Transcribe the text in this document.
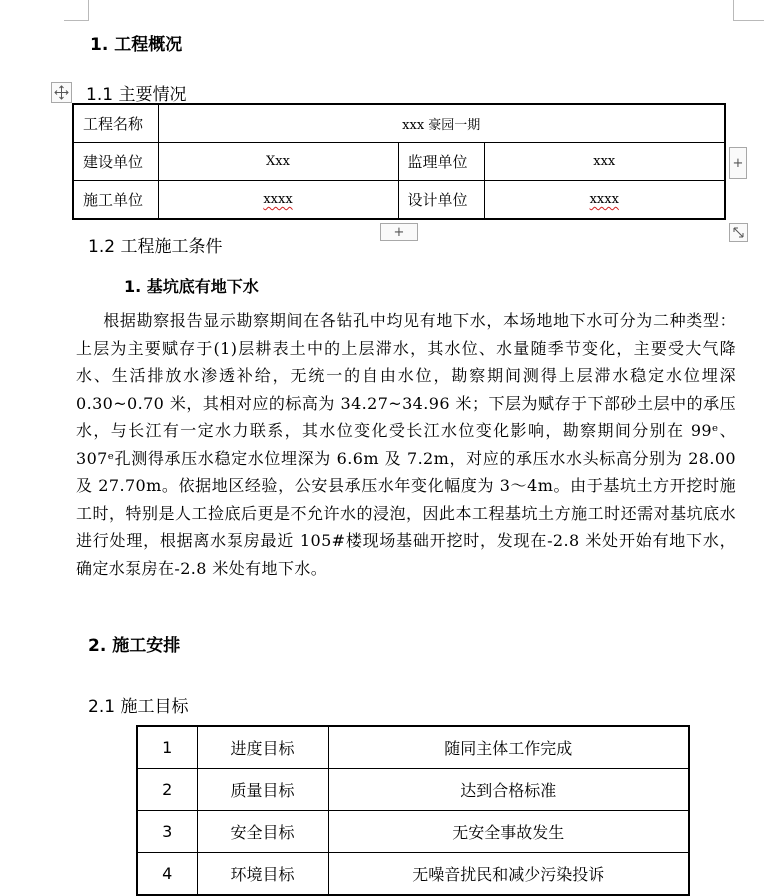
1. 工程概况
1.1 主要情况
工程名称	xxx 豪园一期		
建设单位	Xxx	监理单位	xxx
施工单位	xxxx	设计单位	xxxx
+
+
1.2 工程施工条件
1. 基坑底有地下水

根据勘察报告显示勘察期间在各钻孔中均见有地下水，本场地地下水可分为二种类型：上层为主要赋存于(1)层耕表土中的上层滞水，其水位、水量随季节变化，主要受大气降水、生活排放水渗透补给，无统一的自由水位，勘察期间测得上层滞水稳定水位埋深 0.30~0.70 米，其相对应的标高为 34.27~34.96 米；下层为赋存于下部砂土层中的承压水，与长江有一定水力联系，其水位变化受长江水位变化影响，勘察期间分别在 99ᵉ、307ᵉ孔测得承压水稳定水位埋深为 6.6m 及 7.2m，对应的承压水水头标高分别为 28.00 及 27.70m。依据地区经验，公安县承压水年变化幅度为 3～4m。由于基坑土方开挖时施工时，特别是人工捡底后更是不允许水的浸泡，因此本工程基坑土方施工时还需对基坑底水进行处理，根据离水泵房最近 105#楼现场基础开挖时，发现在-2.8 米处开始有地下水，确定水泵房在-2.8 米处有地下水。

2. 施工安排
2.1 施工目标
1	进度目标	随同主体工作完成
2	质量目标	达到合格标准
3	安全目标	无安全事故发生
4	环境目标	无噪音扰民和减少污染投诉
